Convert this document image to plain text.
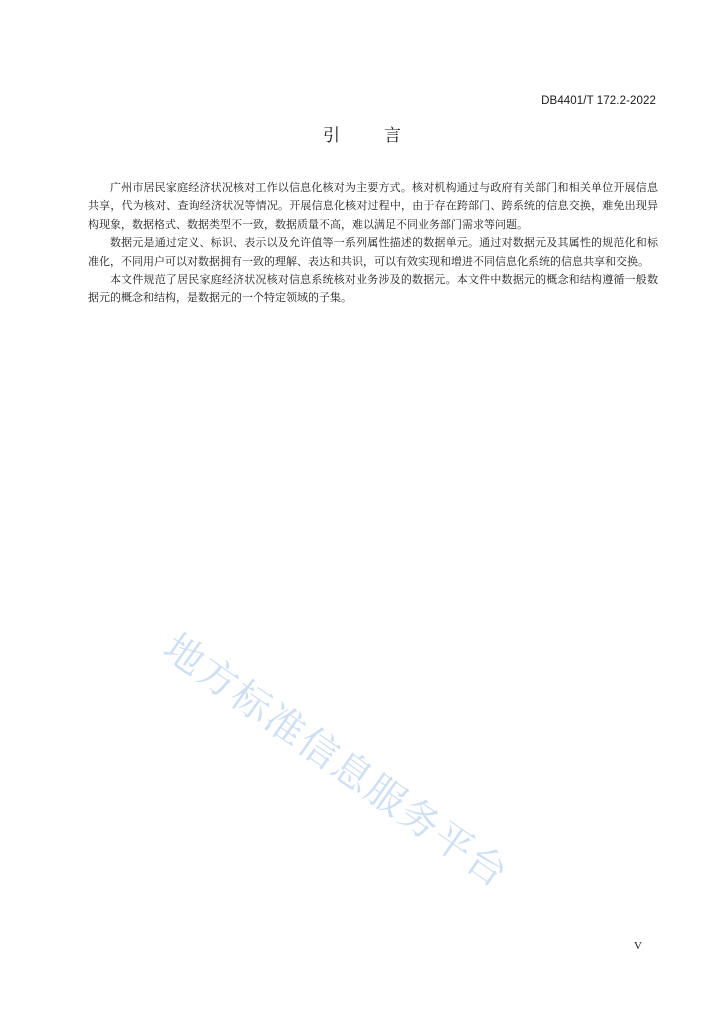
DB4401/T 172.2-2022
引	言

广州市居民家庭经济状况核对工作以信息化核对为主要方式。核对机构通过与政府有关部门和相关单位开展信息共享，代为核对、查询经济状况等情况。开展信息化核对过程中，由于存在跨部门、跨系统的信息交换，难免出现异构现象，数据格式、数据类型不一致，数据质量不高，难以满足不同业务部门需求等问题。

数据元是通过定义、标识、表示以及允许值等一系列属性描述的数据单元。通过对数据元及其属性的规范化和标准化，不同用户可以对数据拥有一致的理解、表达和共识，可以有效实现和增进不同信息化系统的信息共享和交换。

本文件规范了居民家庭经济状况核对信息系统核对业务涉及的数据元。本文件中数据元的概念和结构遵循一般数据元的概念和结构，是数据元的一个特定领域的子集。

地方标准信息服务平台
V
